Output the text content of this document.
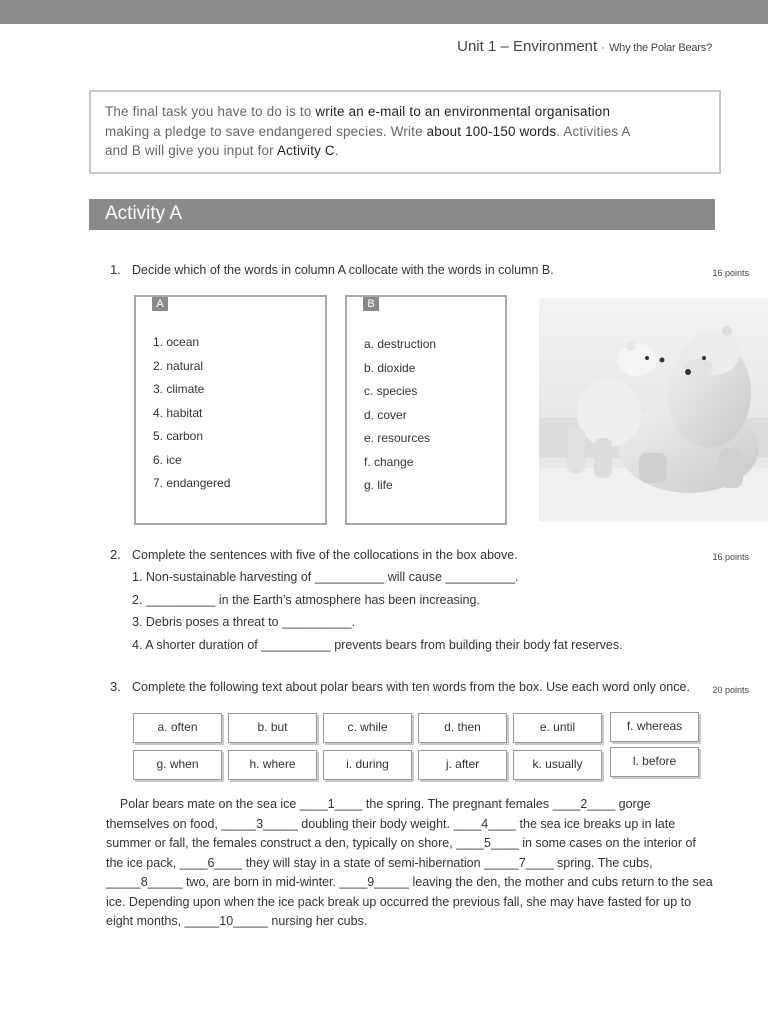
Unit 1 – Environment · Why the Polar Bears?
The final task you have to do is to write an e-mail to an environmental organisation
making a pledge to save endangered species. Write about 100-150 words. Activities A
and B will give you input for Activity C.
Activity A
1. Decide which of the words in column A collocate with the words in column B.	16 points
A
1. ocean
2. natural
3. climate
4. habitat
5. carbon
6. ice
7. endangered
B
a. destruction
b. dioxide
c. species
d. cover
e. resources
f. change
g. life
2. Complete the sentences with five of the collocations in the box above.	16 points
1. Non-sustainable harvesting of __________ will cause __________.
2. __________ in the Earth’s atmosphere has been increasing.
3. Debris poses a threat to __________.
4. A shorter duration of __________ prevents bears from building their body fat reserves.
3. Complete the following text about polar bears with ten words from the box. Use each word only once.	20 points
a. often	b. but	c. while	d. then	e. until	f. whereas
g. when	h. where	i. during	j. after	k. usually	l. before

Polar bears mate on the sea ice ____1____ the spring. The pregnant females ____2____ gorge

themselves on food, _____3_____ doubling their body weight. ____4____ the sea ice breaks up in late

summer or fall, the females construct a den, typically on shore, ____5____ in some cases on the interior of

the ice pack, ____6____ they will stay in a state of semi-hibernation _____7____ spring. The cubs,

_____8_____ two, are born in mid-winter. ____9_____ leaving the den, the mother and cubs return to the sea

ice. Depending upon when the ice pack break up occurred the previous fall, she may have fasted for up to

eight months, _____10_____ nursing her cubs.
